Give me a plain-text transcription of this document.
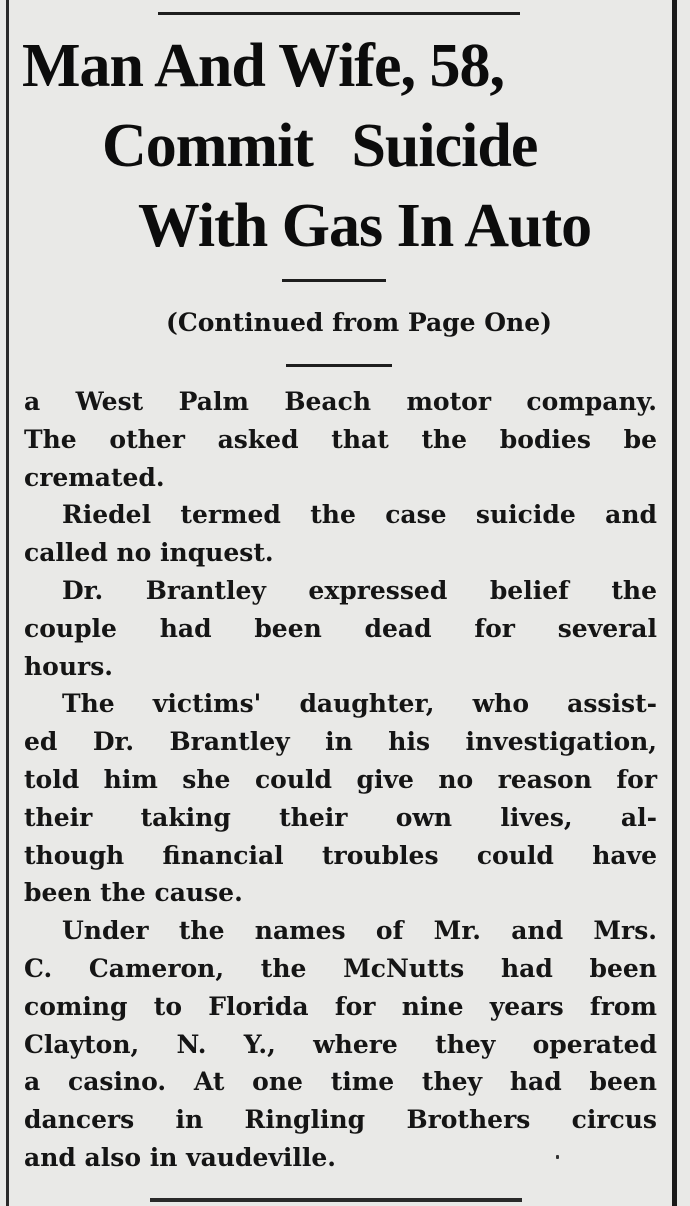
Man And Wife, 58,
Commit Suicide
With Gas In Auto

(Continued from Page One)

a West Palm Beach motor company.
The other asked that the bodies be
cremated.
Riedel termed the case suicide and
called no inquest.
Dr. Brantley expressed belief the
couple had been dead for several
hours.
The victims' daughter, who assist-
ed Dr. Brantley in his investigation,
told him she could give no reason for
their taking their own lives, al-
though financial troubles could have
been the cause.
Under the names of Mr. and Mrs.
C. Cameron, the McNutts had been
coming to Florida for nine years from
Clayton, N. Y., where they operated
a casino. At one time they had been
dancers in Ringling Brothers circus
and also in vaudeville.
